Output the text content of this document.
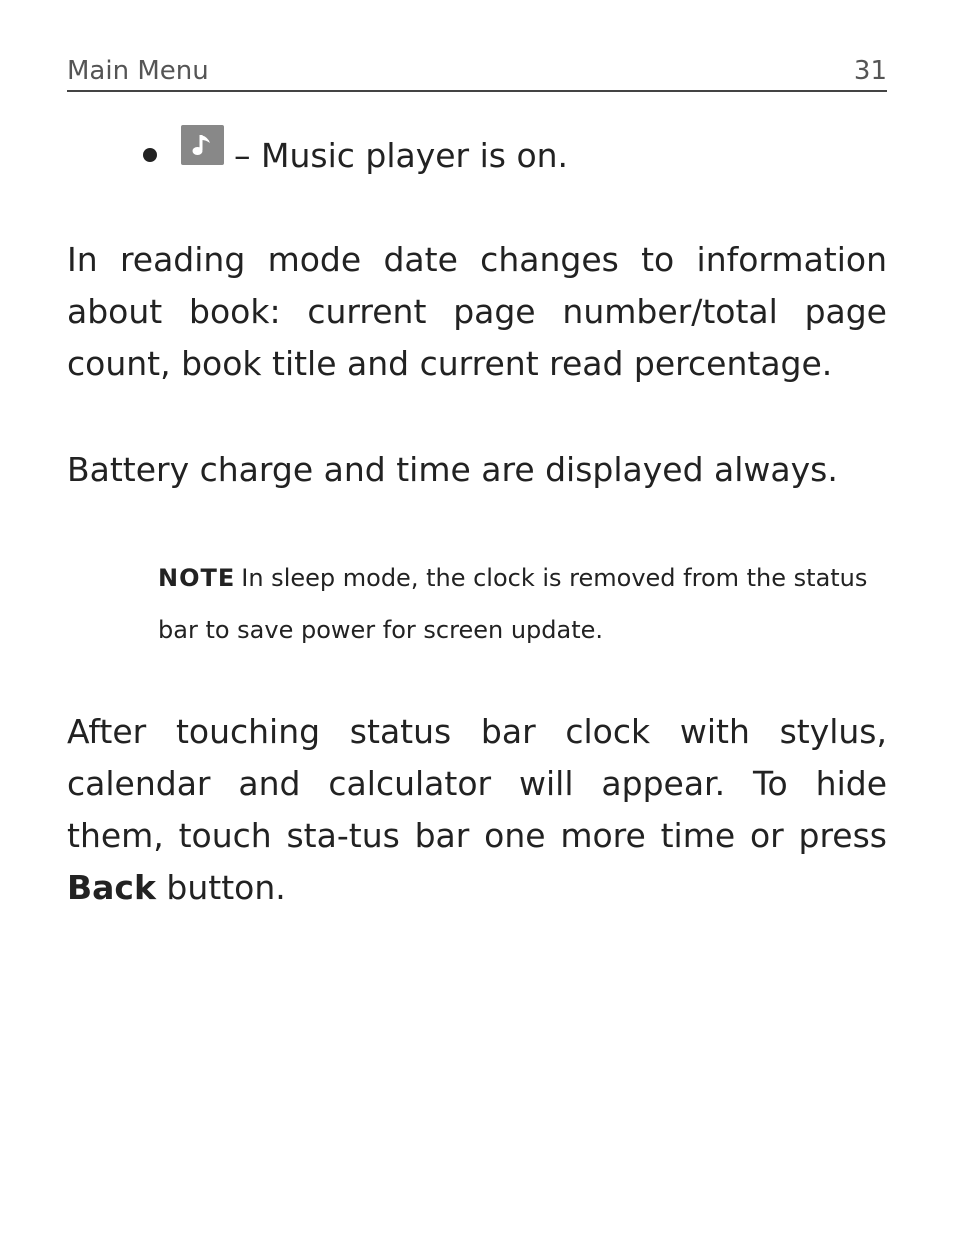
Main Menu	31
– Music player is on.

In reading mode date changes to information about book: current page number/total page count, book title and current read percentage.

Battery charge and time are displayed always.

NOTE In sleep mode, the clock is removed from the status bar to save power for screen update.

After touching status bar clock with stylus, calendar and calculator will appear. To hide them, touch sta-tus bar one more time or press Back button.
